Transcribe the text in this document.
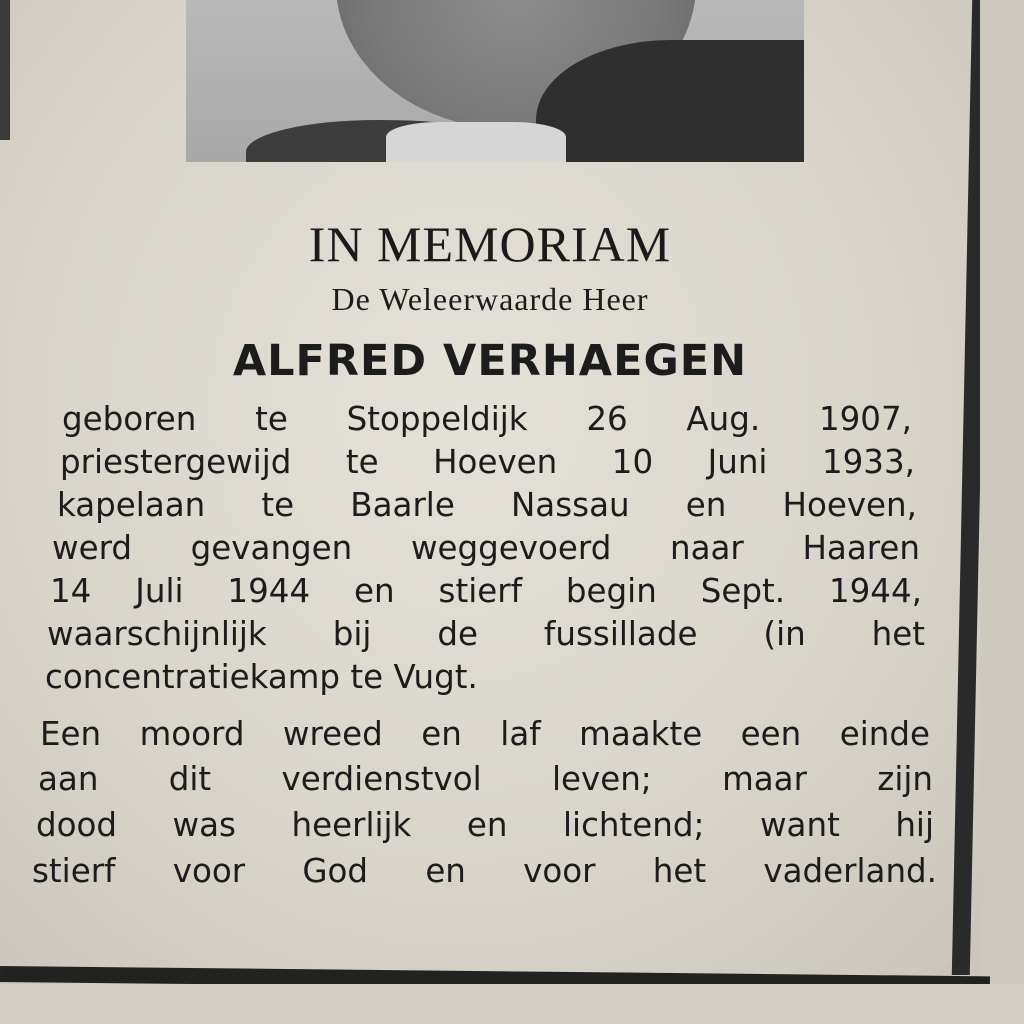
IN MEMORIAM
De Weleerwaarde Heer
ALFRED VERHAEGEN
geboren te Stoppeldijk 26 Aug. 1907,
priestergewijd te Hoeven 10 Juni 1933,
kapelaan te Baarle Nassau en Hoeven,
werd gevangen weggevoerd naar Haaren
14 Juli 1944 en stierf begin Sept. 1944,
waarschijnlijk bij de fussillade (in het
concentratiekamp te Vugt.
Een moord wreed en laf maakte een einde
aan dit verdienstvol leven; maar zijn
dood was heerlijk en lichtend; want hij
stierf voor God en voor het vaderland.
